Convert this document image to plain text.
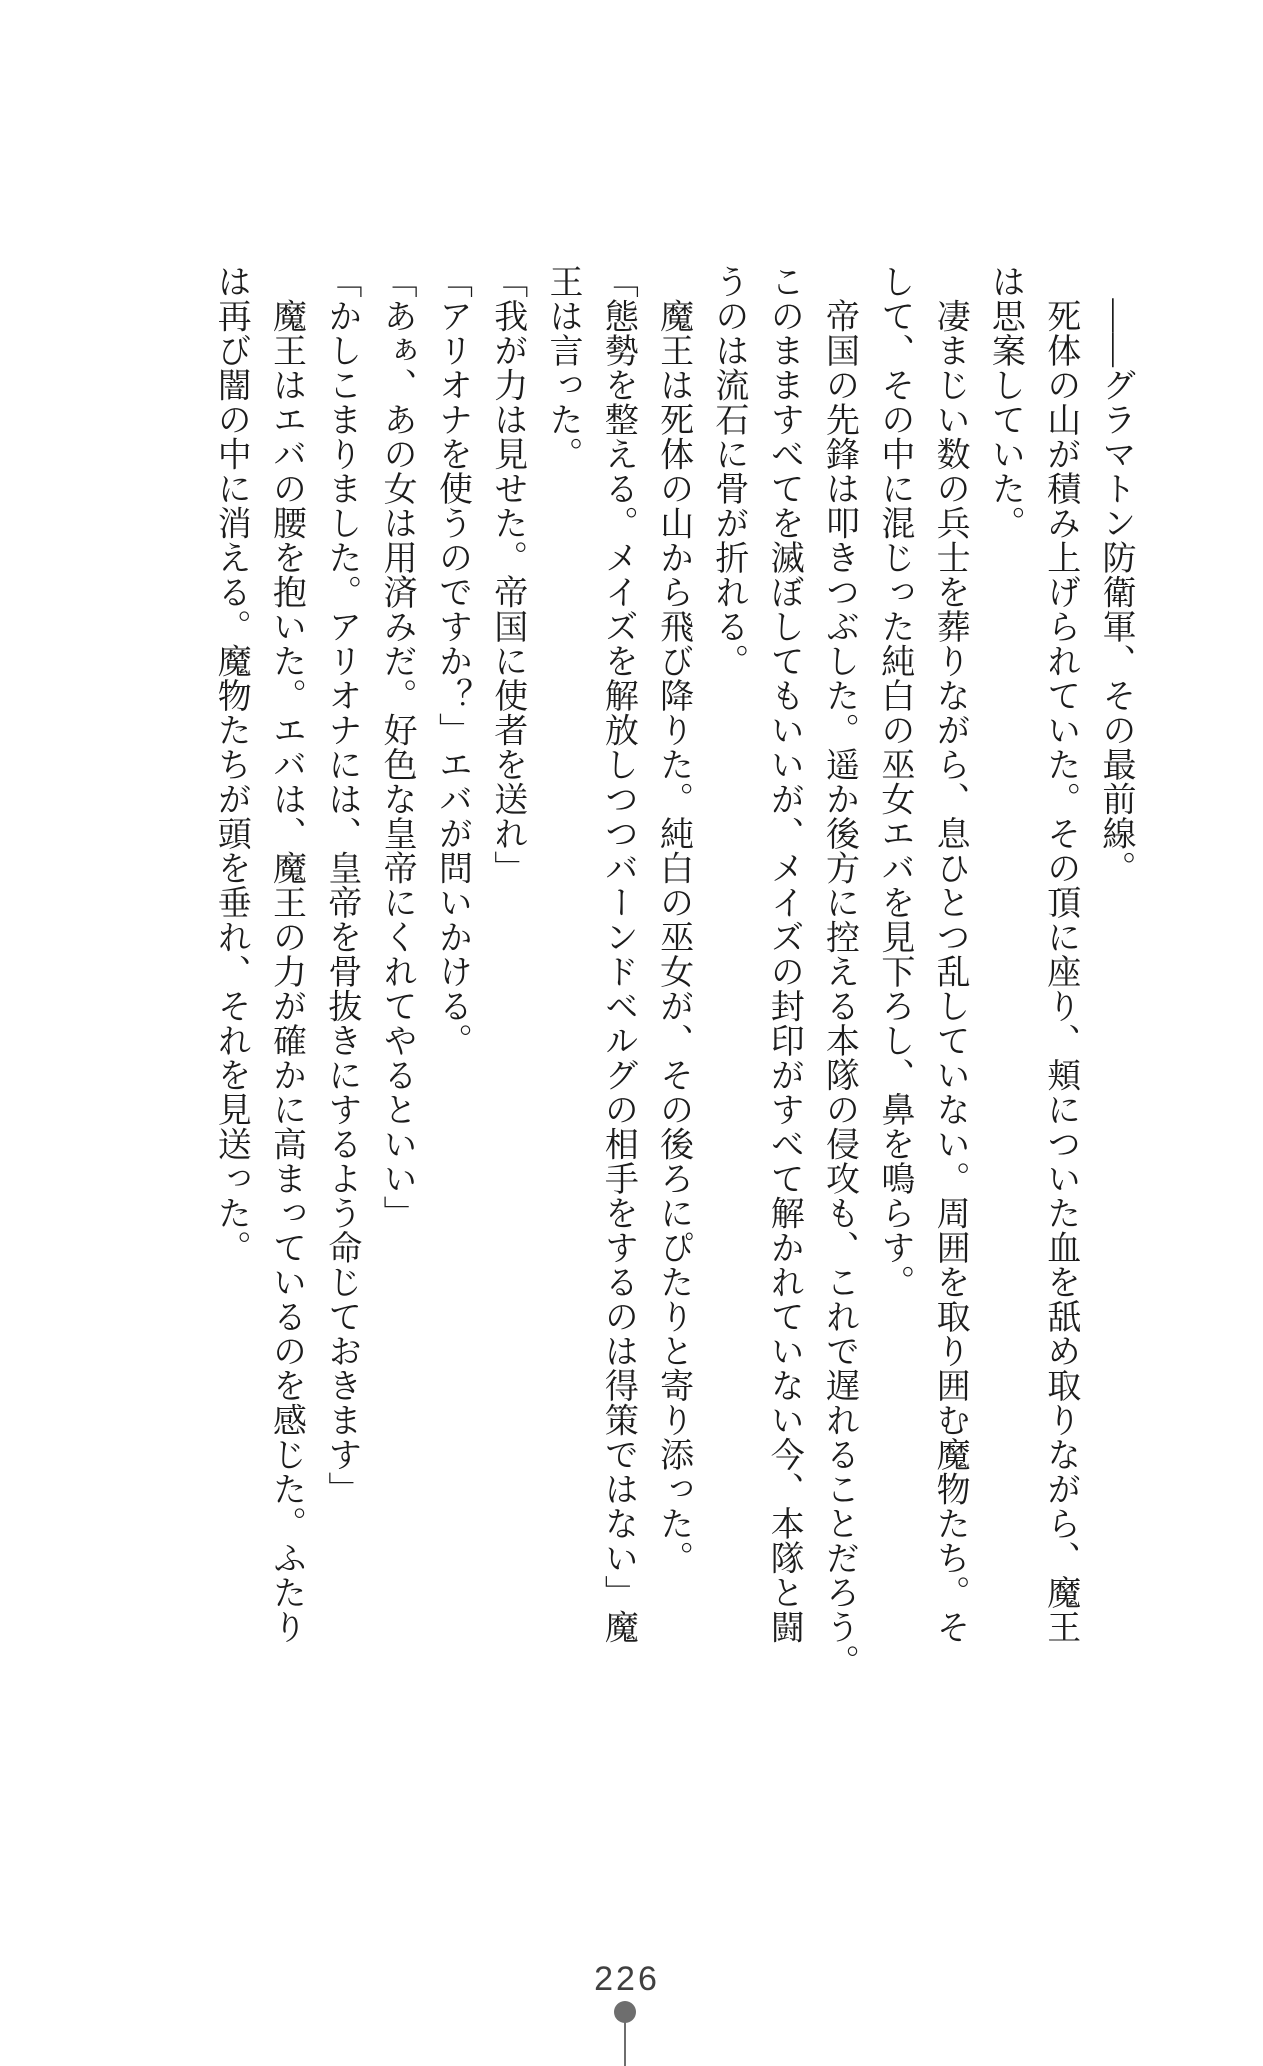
　――グラマトン防衛軍、その最前線。
　死体の山が積み上げられていた。その頂に座り、頬についた血を舐め取りながら、魔王
は思案していた。
　凄まじい数の兵士を葬りながら、息ひとつ乱していない。周囲を取り囲む魔物たち。そ
して、その中に混じった純白の巫女エバを見下ろし、鼻を鳴らす。
　帝国の先鋒は叩きつぶした。遥か後方に控える本隊の侵攻も、これで遅れることだろう。
このまますべてを滅ぼしてもいいが、メイズの封印がすべて解かれていない今、本隊と闘
うのは流石に骨が折れる。
　魔王は死体の山から飛び降りた。純白の巫女が、その後ろにぴたりと寄り添った。
「態勢を整える。メイズを解放しつつバーンドベルグの相手をするのは得策ではない」魔
王は言った。
「我が力は見せた。帝国に使者を送れ」
「アリオナを使うのですか？」エバが問いかける。
「あぁ、あの女は用済みだ。好色な皇帝にくれてやるといい」
「かしこまりました。アリオナには、皇帝を骨抜きにするよう命じておきます」
　魔王はエバの腰を抱いた。エバは、魔王の力が確かに高まっているのを感じた。ふたり
は再び闇の中に消える。魔物たちが頭を垂れ、それを見送った。
226
